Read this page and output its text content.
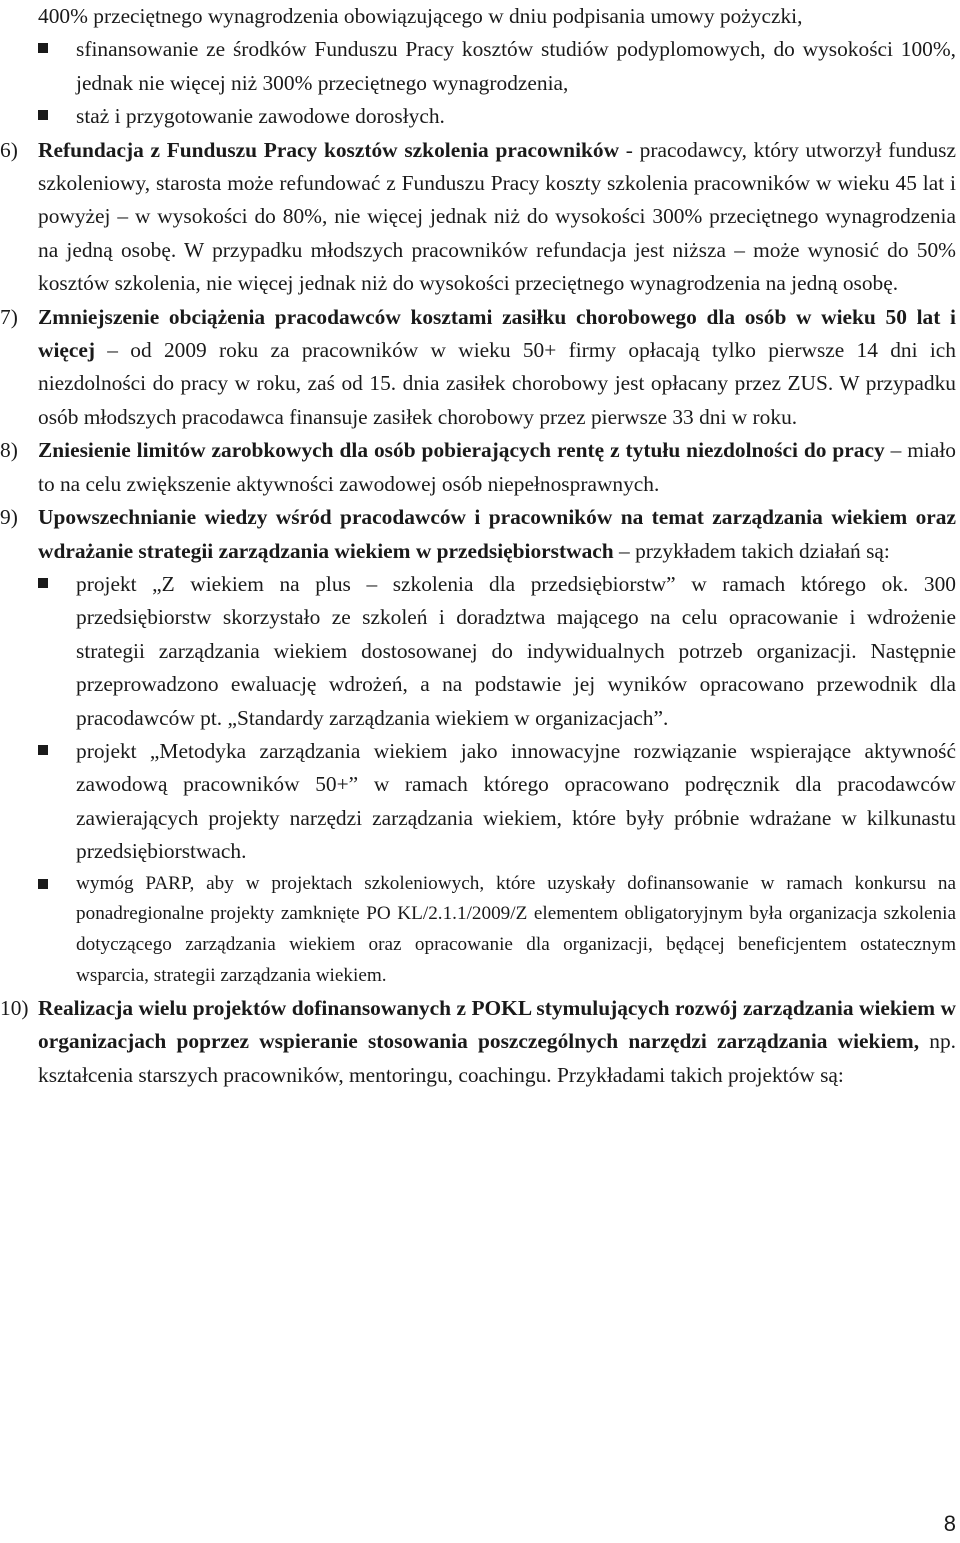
400% przeciętnego wynagrodzenia obowiązującego w dniu podpisania umowy pożyczki,
sfinansowanie ze środków Funduszu Pracy kosztów studiów podyplomowych, do wysokości 100%, jednak nie więcej niż 300% przeciętnego wynagrodzenia,
staż i przygotowanie zawodowe dorosłych.
6) Refundacja z Funduszu Pracy kosztów szkolenia pracowników - pracodawcy, który utworzył fundusz szkoleniowy, starosta może refundować z Funduszu Pracy koszty szkolenia pracowników w wieku 45 lat i powyżej – w wysokości do 80%, nie więcej jednak niż do wysokości 300% przeciętnego wynagrodzenia na jedną osobę. W przypadku młodszych pracowników refundacja jest niższa – może wynosić do 50% kosztów szkolenia, nie więcej jednak niż do wysokości przeciętnego wynagrodzenia na jedną osobę.
7) Zmniejszenie obciążenia pracodawców kosztami zasiłku chorobowego dla osób w wieku 50 lat i więcej – od 2009 roku za pracowników w wieku 50+ firmy opłacają tylko pierwsze 14 dni ich niezdolności do pracy w roku, zaś od 15. dnia zasiłek chorobowy jest opłacany przez ZUS. W przypadku osób młodszych pracodawca finansuje zasiłek chorobowy przez pierwsze 33 dni w roku.
8) Zniesienie limitów zarobkowych dla osób pobierających rentę z tytułu niezdolności do pracy – miało to na celu zwiększenie aktywności zawodowej osób niepełnosprawnych.
9) Upowszechnianie wiedzy wśród pracodawców i pracowników na temat zarządzania wiekiem oraz wdrażanie strategii zarządzania wiekiem w przedsiębiorstwach – przykładem takich działań są:
projekt „Z wiekiem na plus – szkolenia dla przedsiębiorstw” w ramach którego ok. 300 przedsiębiorstw skorzystało ze szkoleń i doradztwa mającego na celu opracowanie i wdrożenie strategii zarządzania wiekiem dostosowanej do indywidualnych potrzeb organizacji. Następnie przeprowadzono ewaluację wdrożeń, a na podstawie jej wyników opracowano przewodnik dla pracodawców pt. „Standardy zarządzania wiekiem w organizacjach”.
projekt „Metodyka zarządzania wiekiem jako innowacyjne rozwiązanie wspierające aktywność zawodową pracowników 50+” w ramach którego opracowano podręcznik dla pracodawców zawierających projekty narzędzi zarządzania wiekiem, które były próbnie wdrażane w kilkunastu przedsiębiorstwach.
wymóg PARP, aby w projektach szkoleniowych, które uzyskały dofinansowanie w ramach konkursu na ponadregionalne projekty zamknięte PO KL/2.1.1/2009/Z elementem obligatoryjnym była organizacja szkolenia dotyczącego zarządzania wiekiem oraz opracowanie dla organizacji, będącej beneficjentem ostatecznym wsparcia, strategii zarządzania wiekiem.
10) Realizacja wielu projektów dofinansowanych z POKL stymulujących rozwój zarządzania wiekiem w organizacjach poprzez wspieranie stosowania poszczególnych narzędzi zarządzania wiekiem, np. kształcenia starszych pracowników, mentoringu, coachingu. Przykładami takich projektów są:
8
